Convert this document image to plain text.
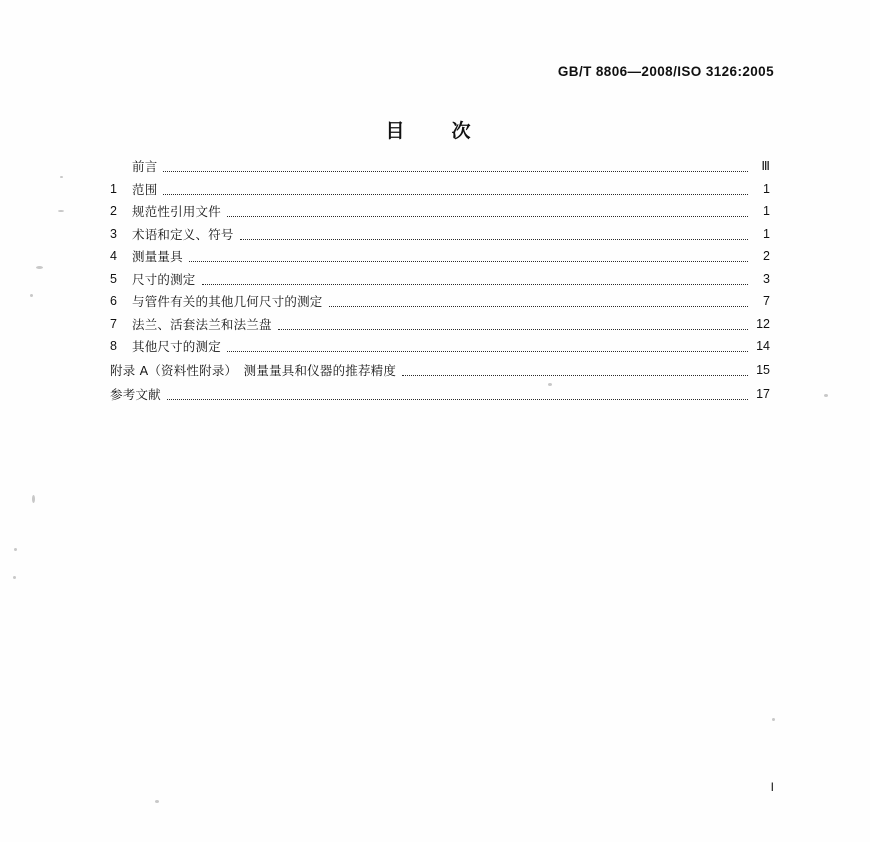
GB/T 8806—2008/ISO 3126:2005
目　次
前言	Ⅲ
1	范围	1
2	规范性引用文件	1
3	术语和定义、符号	1
4	测量量具	2
5	尺寸的测定	3
6	与管件有关的其他几何尺寸的测定	7
7	法兰、活套法兰和法兰盘	12
8	其他尺寸的测定	14
附录 A（资料性附录）　测量量具和仪器的推荐精度	15
参考文献	17
I
